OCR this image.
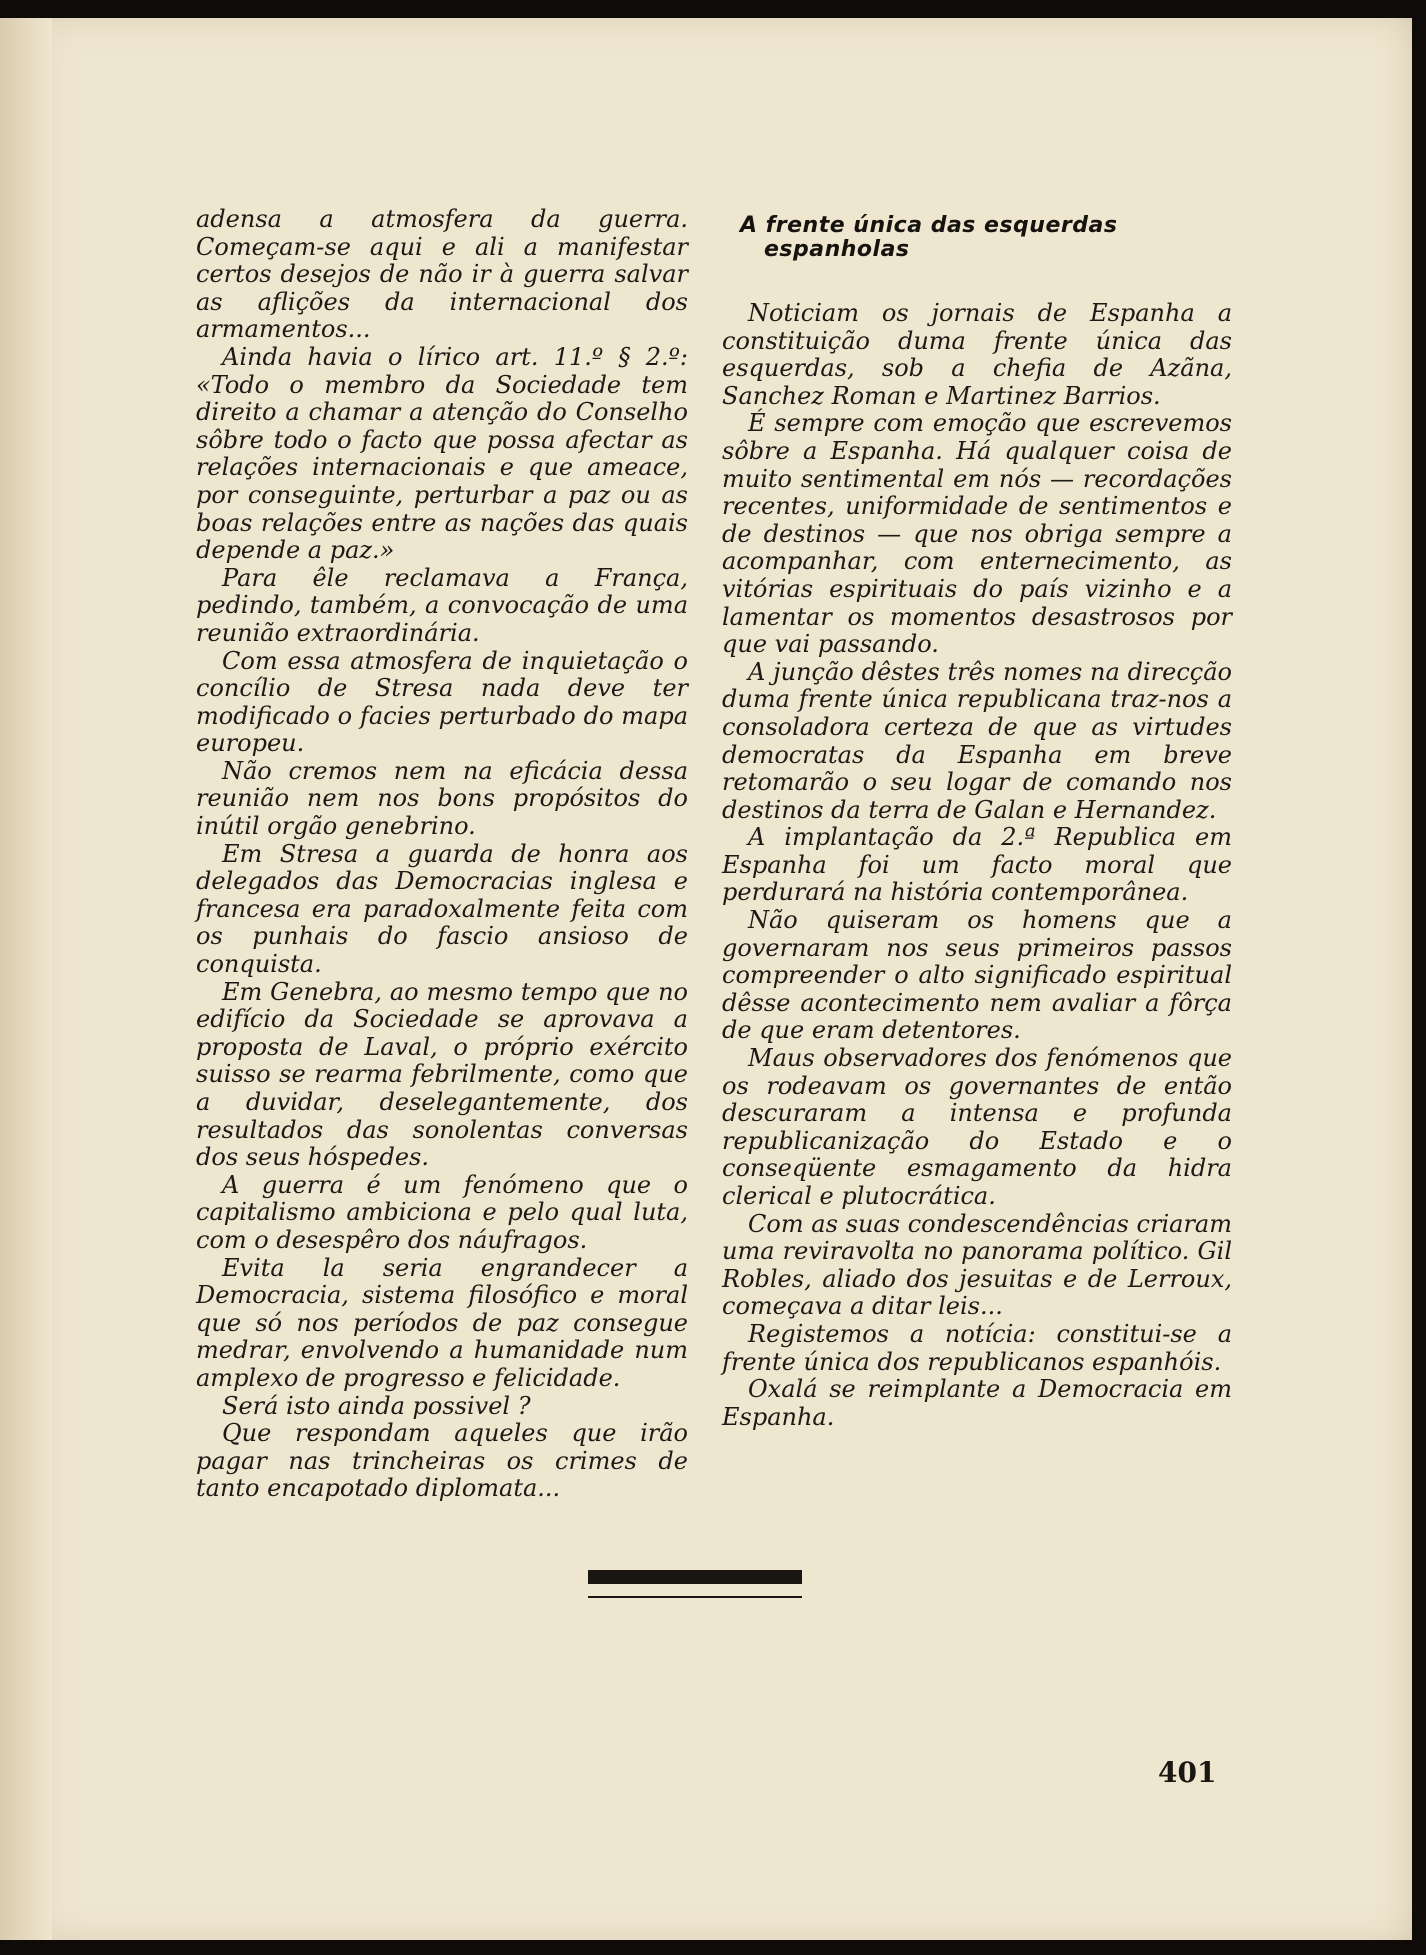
adensa a atmosfera da guerra. Começam-se aqui e ali a manifestar certos desejos de não ir à guerra salvar as aflições da internacional dos armamentos...

Ainda havia o lírico art. 11.º § 2.º: «Todo o membro da Sociedade tem direito a chamar a atenção do Conselho sôbre todo o facto que possa afectar as relações internacionais e que ameace, por conseguinte, perturbar a paz ou as boas relações entre as nações das quais depende a paz.»

Para êle reclamava a França, pedindo, também, a convocação de uma reunião extraordinária.

Com essa atmosfera de inquietação o concílio de Stresa nada deve ter modificado o facies perturbado do mapa europeu.

Não cremos nem na eficácia dessa reunião nem nos bons propósitos do inútil orgão genebrino.

Em Stresa a guarda de honra aos delegados das Democracias inglesa e francesa era paradoxalmente feita com os punhais do fascio ansioso de conquista.

Em Genebra, ao mesmo tempo que no edifício da Sociedade se aprovava a proposta de Laval, o próprio exército suisso se rearma febrilmente, como que a duvidar, deselegantemente, dos resultados das sonolentas conversas dos seus hóspedes.

A guerra é um fenómeno que o capitalismo ambiciona e pelo qual luta, com o desespêro dos náufragos.

Evita la seria engrandecer a Democracia, sistema filosófico e moral que só nos períodos de paz consegue medrar, envolvendo a humanidade num amplexo de progresso e felicidade.

Será isto ainda possivel ?

Que respondam aqueles que irão pagar nas trincheiras os crimes de tanto encapotado diplomata...

A frente única das esquerdas
espanholas

Noticiam os jornais de Espanha a constituição duma frente única das esquerdas, sob a chefia de Azãna, Sanchez Roman e Martinez Barrios.

É sempre com emoção que escrevemos sôbre a Espanha. Há qualquer coisa de muito sentimental em nós — recordações recentes, uniformidade de sentimentos e de destinos — que nos obriga sempre a acompanhar, com enternecimento, as vitórias espirituais do país vizinho e a lamentar os momentos desastrosos por que vai passando.

A junção dêstes três nomes na direcção duma frente única republicana traz-nos a consoladora certeza de que as virtudes democratas da Espanha em breve retomarão o seu logar de comando nos destinos da terra de Galan e Hernandez.

A implantação da 2.ª Republica em Espanha foi um facto moral que perdurará na história contemporânea.

Não quiseram os homens que a governaram nos seus primeiros passos compreender o alto significado espiritual dêsse acontecimento nem avaliar a fôrça de que eram detentores.

Maus observadores dos fenómenos que os rodeavam os governantes de então descuraram a intensa e profunda republicanização do Estado e o conseqüente esmagamento da hidra clerical e plutocrática.

Com as suas condescendências criaram uma reviravolta no panorama político. Gil Robles, aliado dos jesuitas e de Lerroux, começava a ditar leis...

Registemos a notícia: constitui-se a frente única dos republicanos espanhóis.

Oxalá se reimplante a Democracia em Espanha.

401
